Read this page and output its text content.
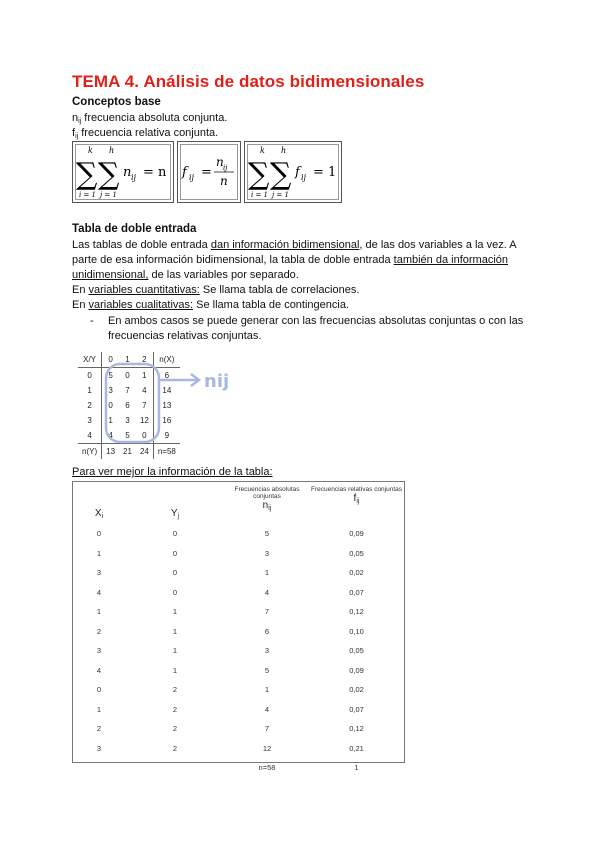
TEMA 4. Análisis de datos bidimensionales
Conceptos base
$n_{ij}$ frecuencia absoluta conjunta.
$f_{ij}$ frecuencia relativa conjunta.
k
∑
i = 1
h
∑
j = 1
n ij = n f ij =
n ij
n
k
∑
i = 1
h
∑
j = 1
f ij = 1
Tabla de doble entrada
Las tablas de doble entrada dan información bidimensional, de las dos variables a la vez. A
parte de esa información bidimensional, la tabla de doble entrada también da información
unidimensional, de las variables por separado.
En variables cuantitativas: Se llama tabla de correlaciones.
En variables cualitativas: Se llama tabla de contingencia.
- En ambos casos se puede generar con las frecuencias absolutas conjuntas o con las
frecuencias relativas conjuntas.
X/Y	0	1	2	n(X)
0	5	0	1	6
1	3	7	4	14
2	0	6	7	13
3	1	3	12	16
4	4	5	0	9
n(Y)	13	21	24	n=58
nij
Para ver mejor la información de la tabla:
Xi	Yj	Frecuencias absolutas conjuntas
nij	Frecuencias relativas conjuntas
fij
0	0	5	0,09
1	0	3	0,05
3	0	1	0,02
4	0	4	0,07
1	1	7	0,12
2	1	6	0,10
3	1	3	0,05
4	1	5	0,09
0	2	1	0,02
1	2	4	0,07
2	2	7	0,12
3	2	12	0,21
		n=58	1
